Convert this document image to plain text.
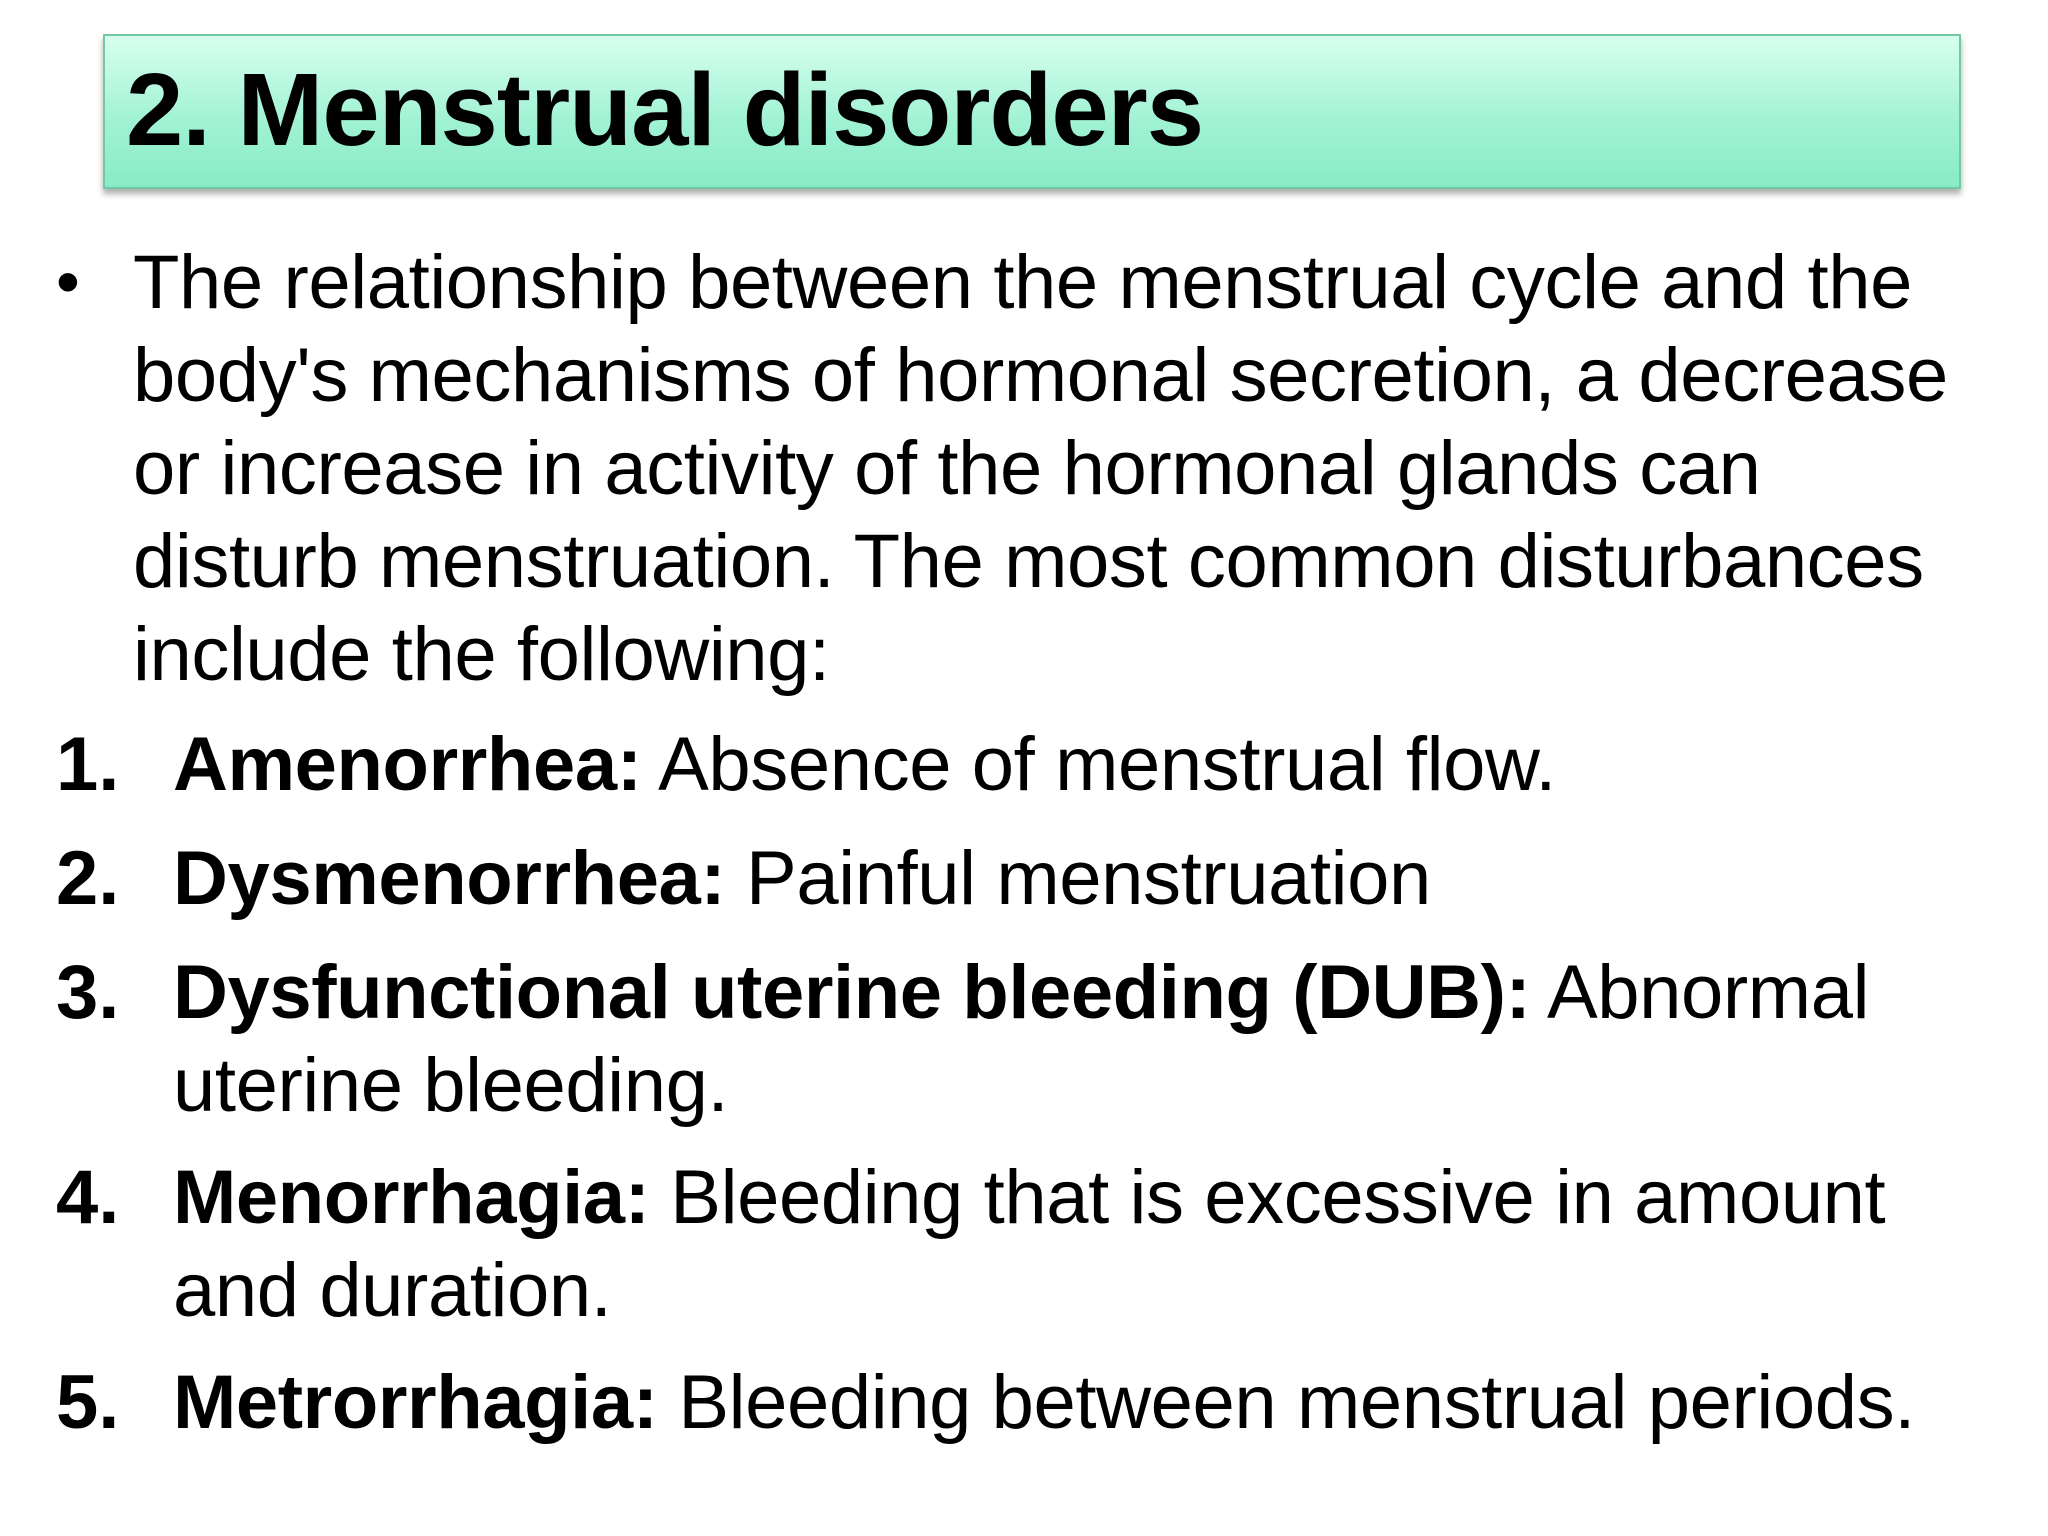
2. Menstrual disorders
• The relationship between the menstrual cycle and the body's mechanisms of hormonal secretion, a decrease or increase in activity of the hormonal glands can disturb menstruation. The most common disturbances include the following:
1. Amenorrhea: Absence of menstrual flow.
2. Dysmenorrhea: Painful menstruation
3. Dysfunctional uterine bleeding (DUB): Abnormal uterine bleeding.
4. Menorrhagia: Bleeding that is excessive in amount and duration.
5. Metrorrhagia: Bleeding between menstrual periods.
